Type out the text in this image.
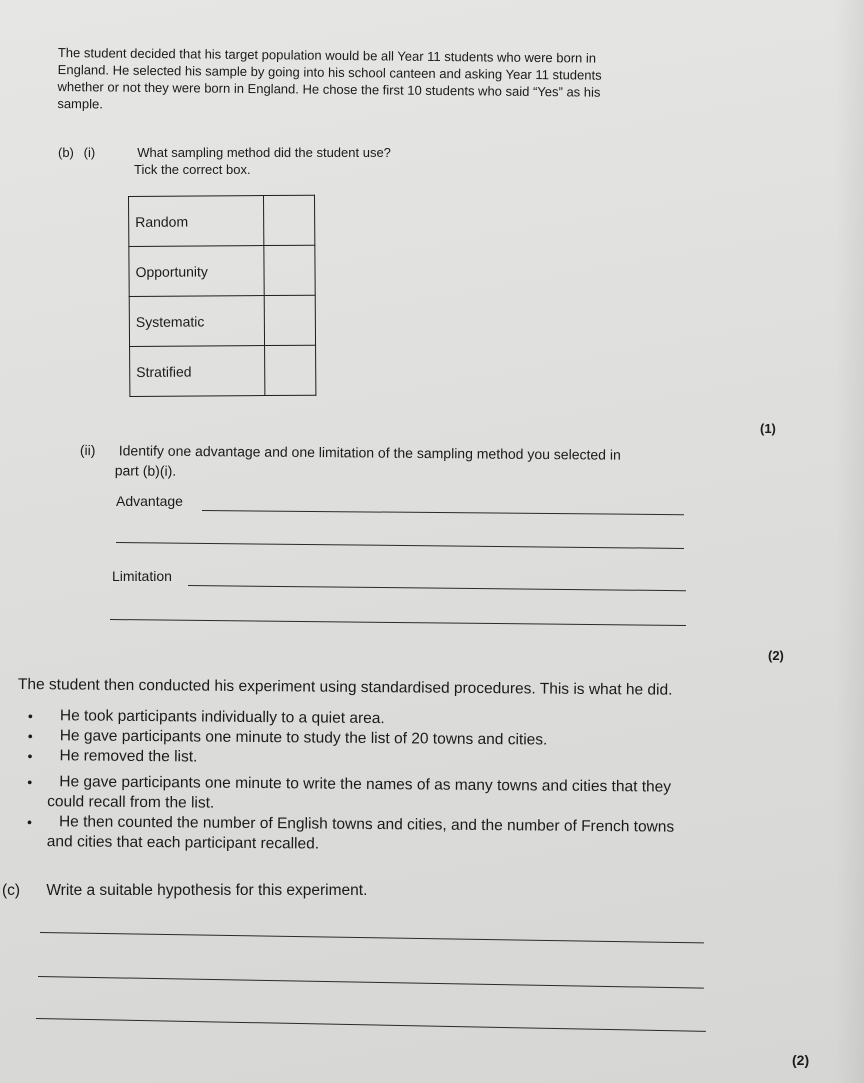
The student decided that his target population would be all Year 11 students who were born in
England. He selected his sample by going into his school canteen and asking Year 11 students
whether or not they were born in England. He chose the first 10 students who said “Yes” as his
sample.
(b) (i)	What sampling method did the student use?
Tick the correct box.
Random	
Opportunity	
Systematic	
Stratified	
(1)
(ii) Identify one advantage and one limitation of the sampling method you selected in
part (b)(i).
Advantage
Limitation
(2)
The student then conducted his experiment using standardised procedures. This is what he did.
•	He took participants individually to a quiet area.
•	He gave participants one minute to study the list of 20 towns and cities.
•	He removed the list.
•	He gave participants one minute to write the names of as many towns and cities that they
could recall from the list.
•	He then counted the number of English towns and cities, and the number of French towns
and cities that each participant recalled.
(c) Write a suitable hypothesis for this experiment.
(2)
